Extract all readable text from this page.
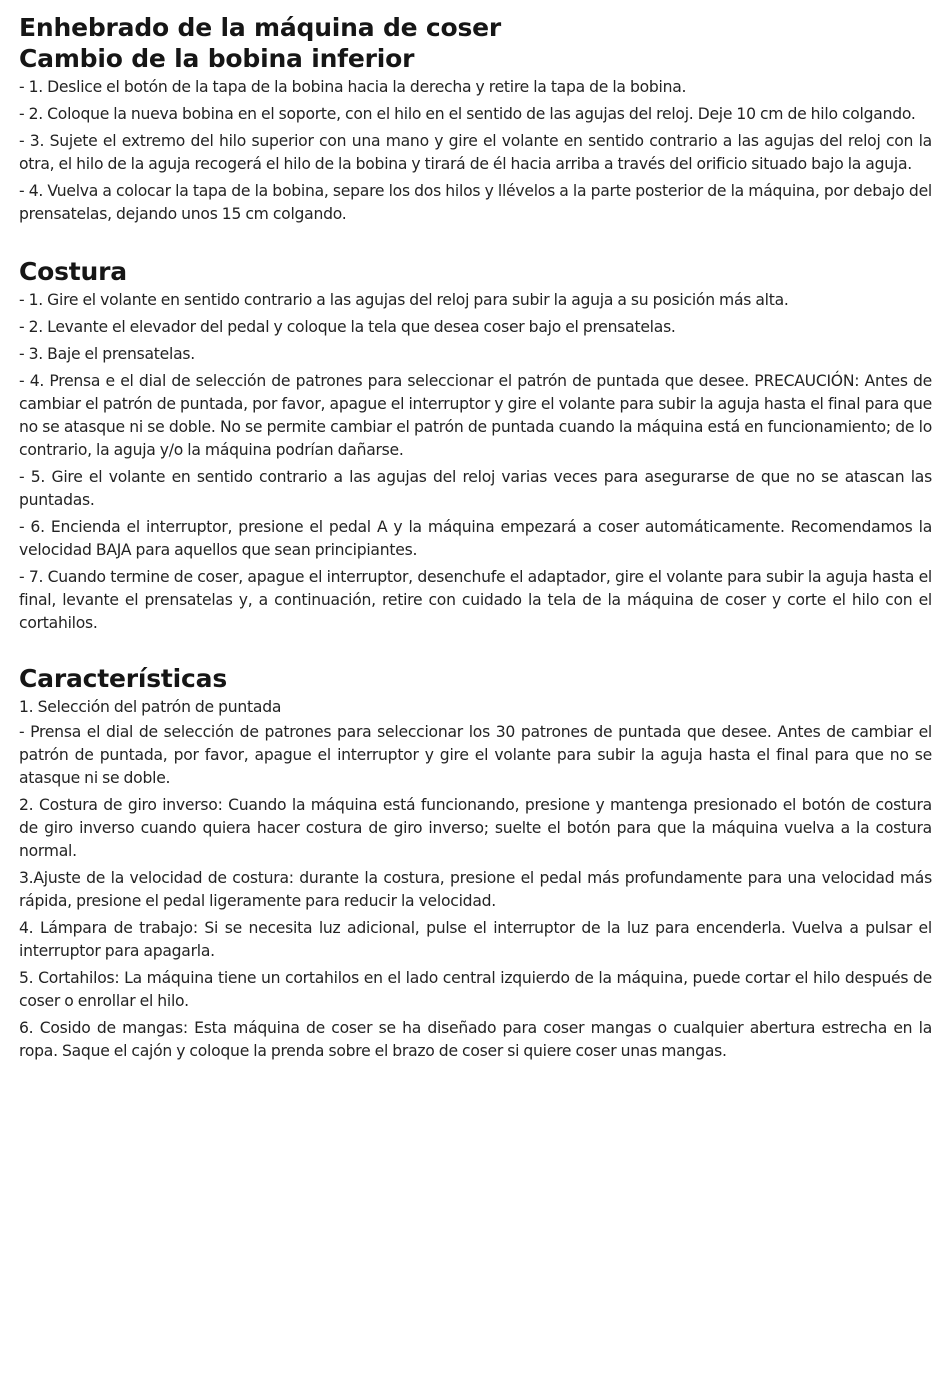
Enhebrado de la máquina de coser
Cambio de la bobina inferior

- 1. Deslice el botón de la tapa de la bobina hacia la derecha y retire la tapa de la bobina.

- 2. Coloque la nueva bobina en el soporte, con el hilo en el sentido de las agujas del reloj. Deje 10 cm de hilo colgando.

- 3. Sujete el extremo del hilo superior con una mano y gire el volante en sentido contrario a las agujas del reloj con la otra, el hilo de la aguja recogerá el hilo de la bobina y tirará de él hacia arriba a través del orificio situado bajo la aguja.

- 4. Vuelva a colocar la tapa de la bobina, separe los dos hilos y llévelos a la parte posterior de la máquina, por debajo del prensatelas, dejando unos 15 cm colgando.

Costura

- 1. Gire el volante en sentido contrario a las agujas del reloj para subir la aguja a su posición más alta.

- 2. Levante el elevador del pedal y coloque la tela que desea coser bajo el prensatelas.

- 3. Baje el prensatelas.

- 4. Prensa e el dial de selección de patrones para seleccionar el patrón de puntada que desee. PRECAUCIÓN: Antes de cambiar el patrón de puntada, por favor, apague el interruptor y gire el volante para subir la aguja hasta el final para que no se atasque ni se doble. No se permite cambiar el patrón de puntada cuando la máquina está en funcionamiento; de lo contrario, la aguja y/o la máquina podrían dañarse.

- 5. Gire el volante en sentido contrario a las agujas del reloj varias veces para asegurarse de que no se atascan las puntadas.

- 6. Encienda el interruptor, presione el pedal A y la máquina empezará a coser automáticamente. Recomendamos la velocidad BAJA para aquellos que sean principiantes.

- 7. Cuando termine de coser, apague el interruptor, desenchufe el adaptador, gire el volante para subir la aguja hasta el final, levante el prensatelas y, a continuación, retire con cuidado la tela de la máquina de coser y corte el hilo con el cortahilos.

Características

1. Selección del patrón de puntada

- Prensa el dial de selección de patrones para seleccionar los 30 patrones de puntada que desee. Antes de cambiar el patrón de puntada, por favor, apague el interruptor y gire el volante para subir la aguja hasta el final para que no se atasque ni se doble.

2. Costura de giro inverso: Cuando la máquina está funcionando, presione y mantenga presionado el botón de costura de giro inverso cuando quiera hacer costura de giro inverso; suelte el botón para que la máquina vuelva a la costura normal.

3.Ajuste de la velocidad de costura: durante la costura, presione el pedal más profundamente para una velocidad más rápida, presione el pedal ligeramente para reducir la velocidad.

4. Lámpara de trabajo: Si se necesita luz adicional, pulse el interruptor de la luz para encenderla. Vuelva a pulsar el interruptor para apagarla.

5. Cortahilos: La máquina tiene un cortahilos en el lado central izquierdo de la máquina, puede cortar el hilo después de coser o enrollar el hilo.

6. Cosido de mangas: Esta máquina de coser se ha diseñado para coser mangas o cualquier abertura estrecha en la ropa. Saque el cajón y coloque la prenda sobre el brazo de coser si quiere coser unas mangas.
